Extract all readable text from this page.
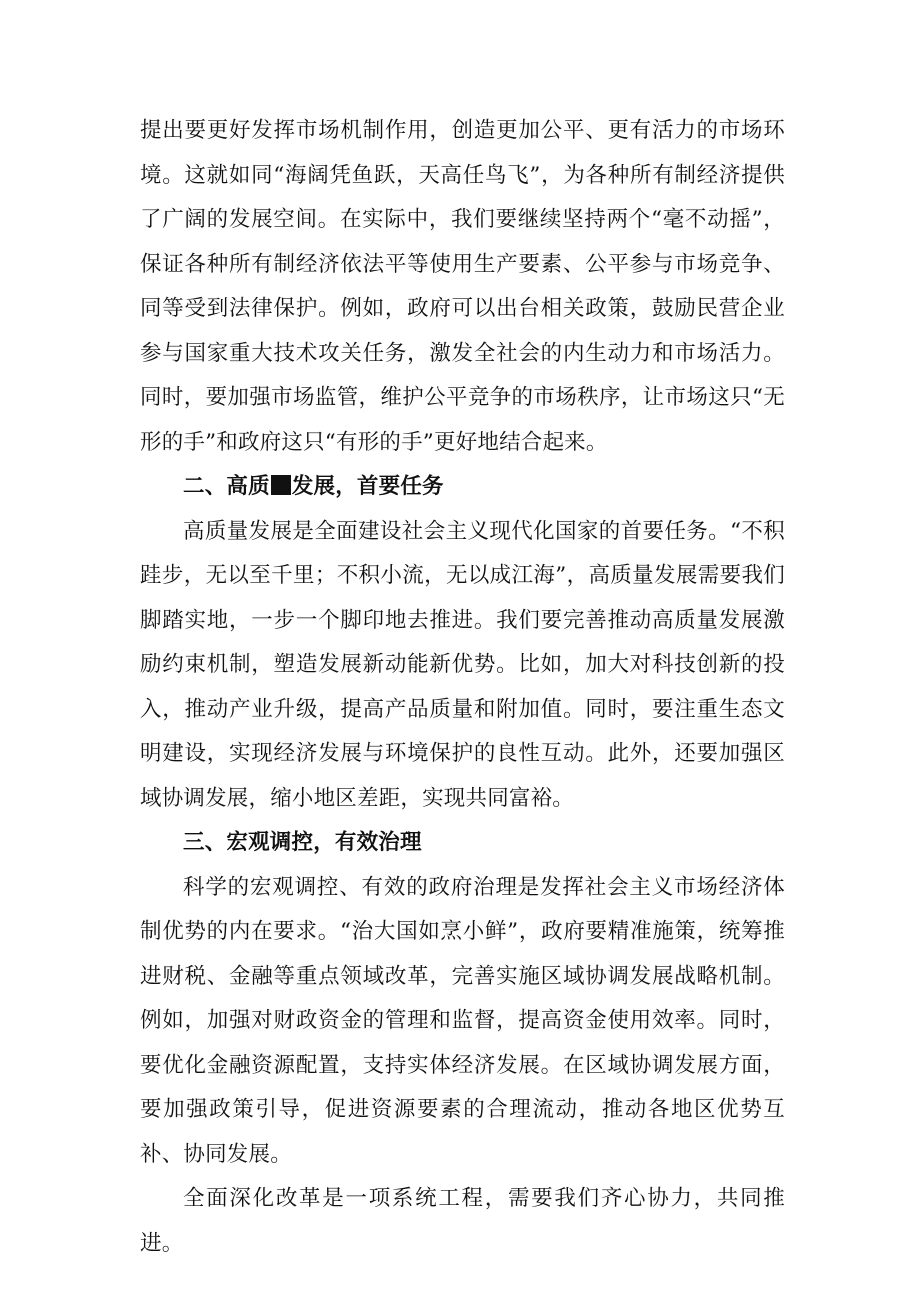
提出要更好发挥市场机制作用，创造更加公平、更有活力的市场环境。这就如同“海阔凭鱼跃，天高任鸟飞”，为各种所有制经济提供了广阔的发展空间。在实际中，我们要继续坚持两个“毫不动摇”，保证各种所有制经济依法平等使用生产要素、公平参与市场竞争、同等受到法律保护。例如，政府可以出台相关政策，鼓励民营企业参与国家重大技术攻关任务，激发全社会的内生动力和市场活力。同时，要加强市场监管，维护公平竞争的市场秩序，让市场这只“无形的手”和政府这只“有形的手”更好地结合起来。

二、高质 发展，首要任务

高质量发展是全面建设社会主义现代化国家的首要任务。“不积跬步，无以至千里；不积小流，无以成江海”，高质量发展需要我们脚踏实地，一步一个脚印地去推进。我们要完善推动高质量发展激励约束机制，塑造发展新动能新优势。比如，加大对科技创新的投入，推动产业升级，提高产品质量和附加值。同时，要注重生态文明建设，实现经济发展与环境保护的良性互动。此外，还要加强区域协调发展，缩小地区差距，实现共同富裕。

三、宏观调控，有效治理

科学的宏观调控、有效的政府治理是发挥社会主义市场经济体制优势的内在要求。“治大国如烹小鲜”，政府要精准施策，统筹推进财税、金融等重点领域改革，完善实施区域协调发展战略机制。例如，加强对财政资金的管理和监督，提高资金使用效率。同时，要优化金融资源配置，支持实体经济发展。在区域协调发展方面，要加强政策引导，促进资源要素的合理流动，推动各地区优势互补、协同发展。

全面深化改革是一项系统工程，需要我们齐心协力，共同推进。
